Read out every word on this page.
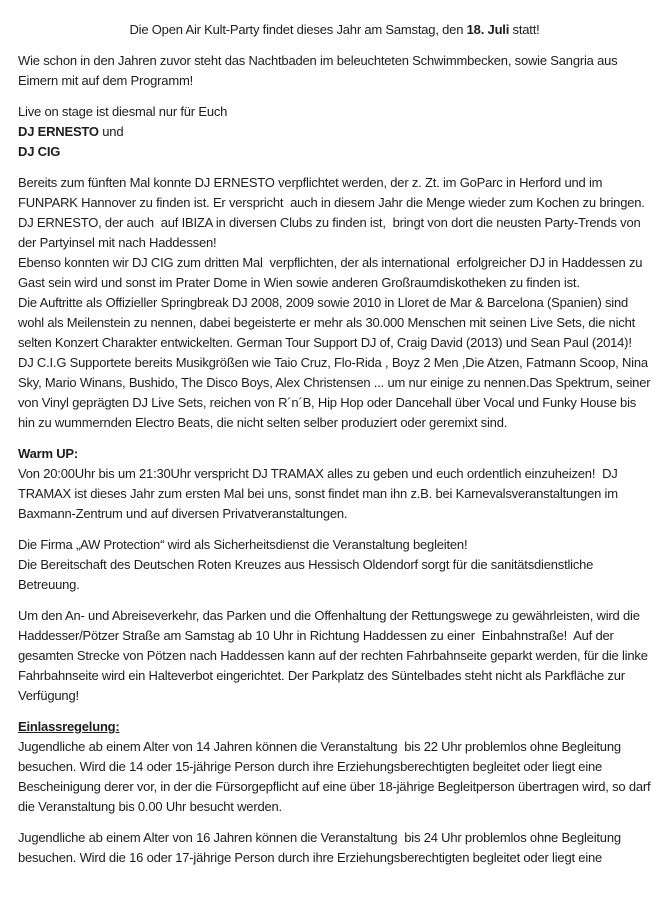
Die Open Air Kult-Party findet dieses Jahr am Samstag, den 18. Juli statt!

Wie schon in den Jahren zuvor steht das Nachtbaden im beleuchteten Schwimmbecken, sowie Sangria aus Eimern mit auf dem Programm!

Live on stage ist diesmal nur für Euch

DJ ERNESTO und

DJ CIG

Bereits zum fünften Mal konnte DJ ERNESTO verpflichtet werden, der z. Zt. im GoParc in Herford und im FUNPARK Hannover zu finden ist. Er verspricht  auch in diesem Jahr die Menge wieder zum Kochen zu bringen. DJ ERNESTO, der auch  auf IBIZA in diversen Clubs zu finden ist,  bringt von dort die neusten Party-Trends von der Partyinsel mit nach Haddessen!

Ebenso konnten wir DJ CIG zum dritten Mal  verpflichten, der als international  erfolgreicher DJ in Haddessen zu Gast sein wird und sonst im Prater Dome in Wien sowie anderen Großraumdiskotheken zu finden ist.

Die Auftritte als Offizieller Springbreak DJ 2008, 2009 sowie 2010 in Lloret de Mar & Barcelona (Spanien) sind wohl als Meilenstein zu nennen, dabei begeisterte er mehr als 30.000 Menschen mit seinen Live Sets, die nicht selten Konzert Charakter entwickelten. German Tour Support DJ of, Craig David (2013) und Sean Paul (2014)!

DJ C.I.G Supportete bereits Musikgrößen wie Taio Cruz, Flo-Rida , Boyz 2 Men ,Die Atzen, Fatmann Scoop, Nina Sky, Mario Winans, Bushido, The Disco Boys, Alex Christensen ... um nur einige zu nennen.Das Spektrum, seiner von Vinyl geprägten DJ Live Sets, reichen von R´n´B, Hip Hop oder Dancehall über Vocal und Funky House bis hin zu wummernden Electro Beats, die nicht selten selber produziert oder geremixt sind.

Warm UP:

Von 20:00Uhr bis um 21:30Uhr verspricht DJ TRAMAX alles zu geben und euch ordentlich einzuheizen!  DJ TRAMAX ist dieses Jahr zum ersten Mal bei uns, sonst findet man ihn z.B. bei Karnevalsveranstaltungen im Baxmann-Zentrum und auf diversen Privatveranstaltungen.

Die Firma „AW Protection“ wird als Sicherheitsdienst die Veranstaltung begleiten!

Die Bereitschaft des Deutschen Roten Kreuzes aus Hessisch Oldendorf sorgt für die sanitätsdienstliche Betreuung.

Um den An- und Abreiseverkehr, das Parken und die Offenhaltung der Rettungswege zu gewährleisten, wird die Haddesser/Pötzer Straße am Samstag ab 10 Uhr in Richtung Haddessen zu einer  Einbahnstraße!  Auf der gesamten Strecke von Pötzen nach Haddessen kann auf der rechten Fahrbahnseite geparkt werden, für die linke Fahrbahnseite wird ein Halteverbot eingerichtet. Der Parkplatz des Süntelbades steht nicht als Parkfläche zur Verfügung!

Einlassregelung:

Jugendliche ab einem Alter von 14 Jahren können die Veranstaltung  bis 22 Uhr problemlos ohne Begleitung besuchen. Wird die 14 oder 15-jährige Person durch ihre Erziehungsberechtigten begleitet oder liegt eine Bescheinigung derer vor, in der die Fürsorgepflicht auf eine über 18-jährige Begleitperson übertragen wird, so darf die Veranstaltung bis 0.00 Uhr besucht werden.

Jugendliche ab einem Alter von 16 Jahren können die Veranstaltung  bis 24 Uhr problemlos ohne Begleitung besuchen. Wird die 16 oder 17-jährige Person durch ihre Erziehungsberechtigten begleitet oder liegt eine
